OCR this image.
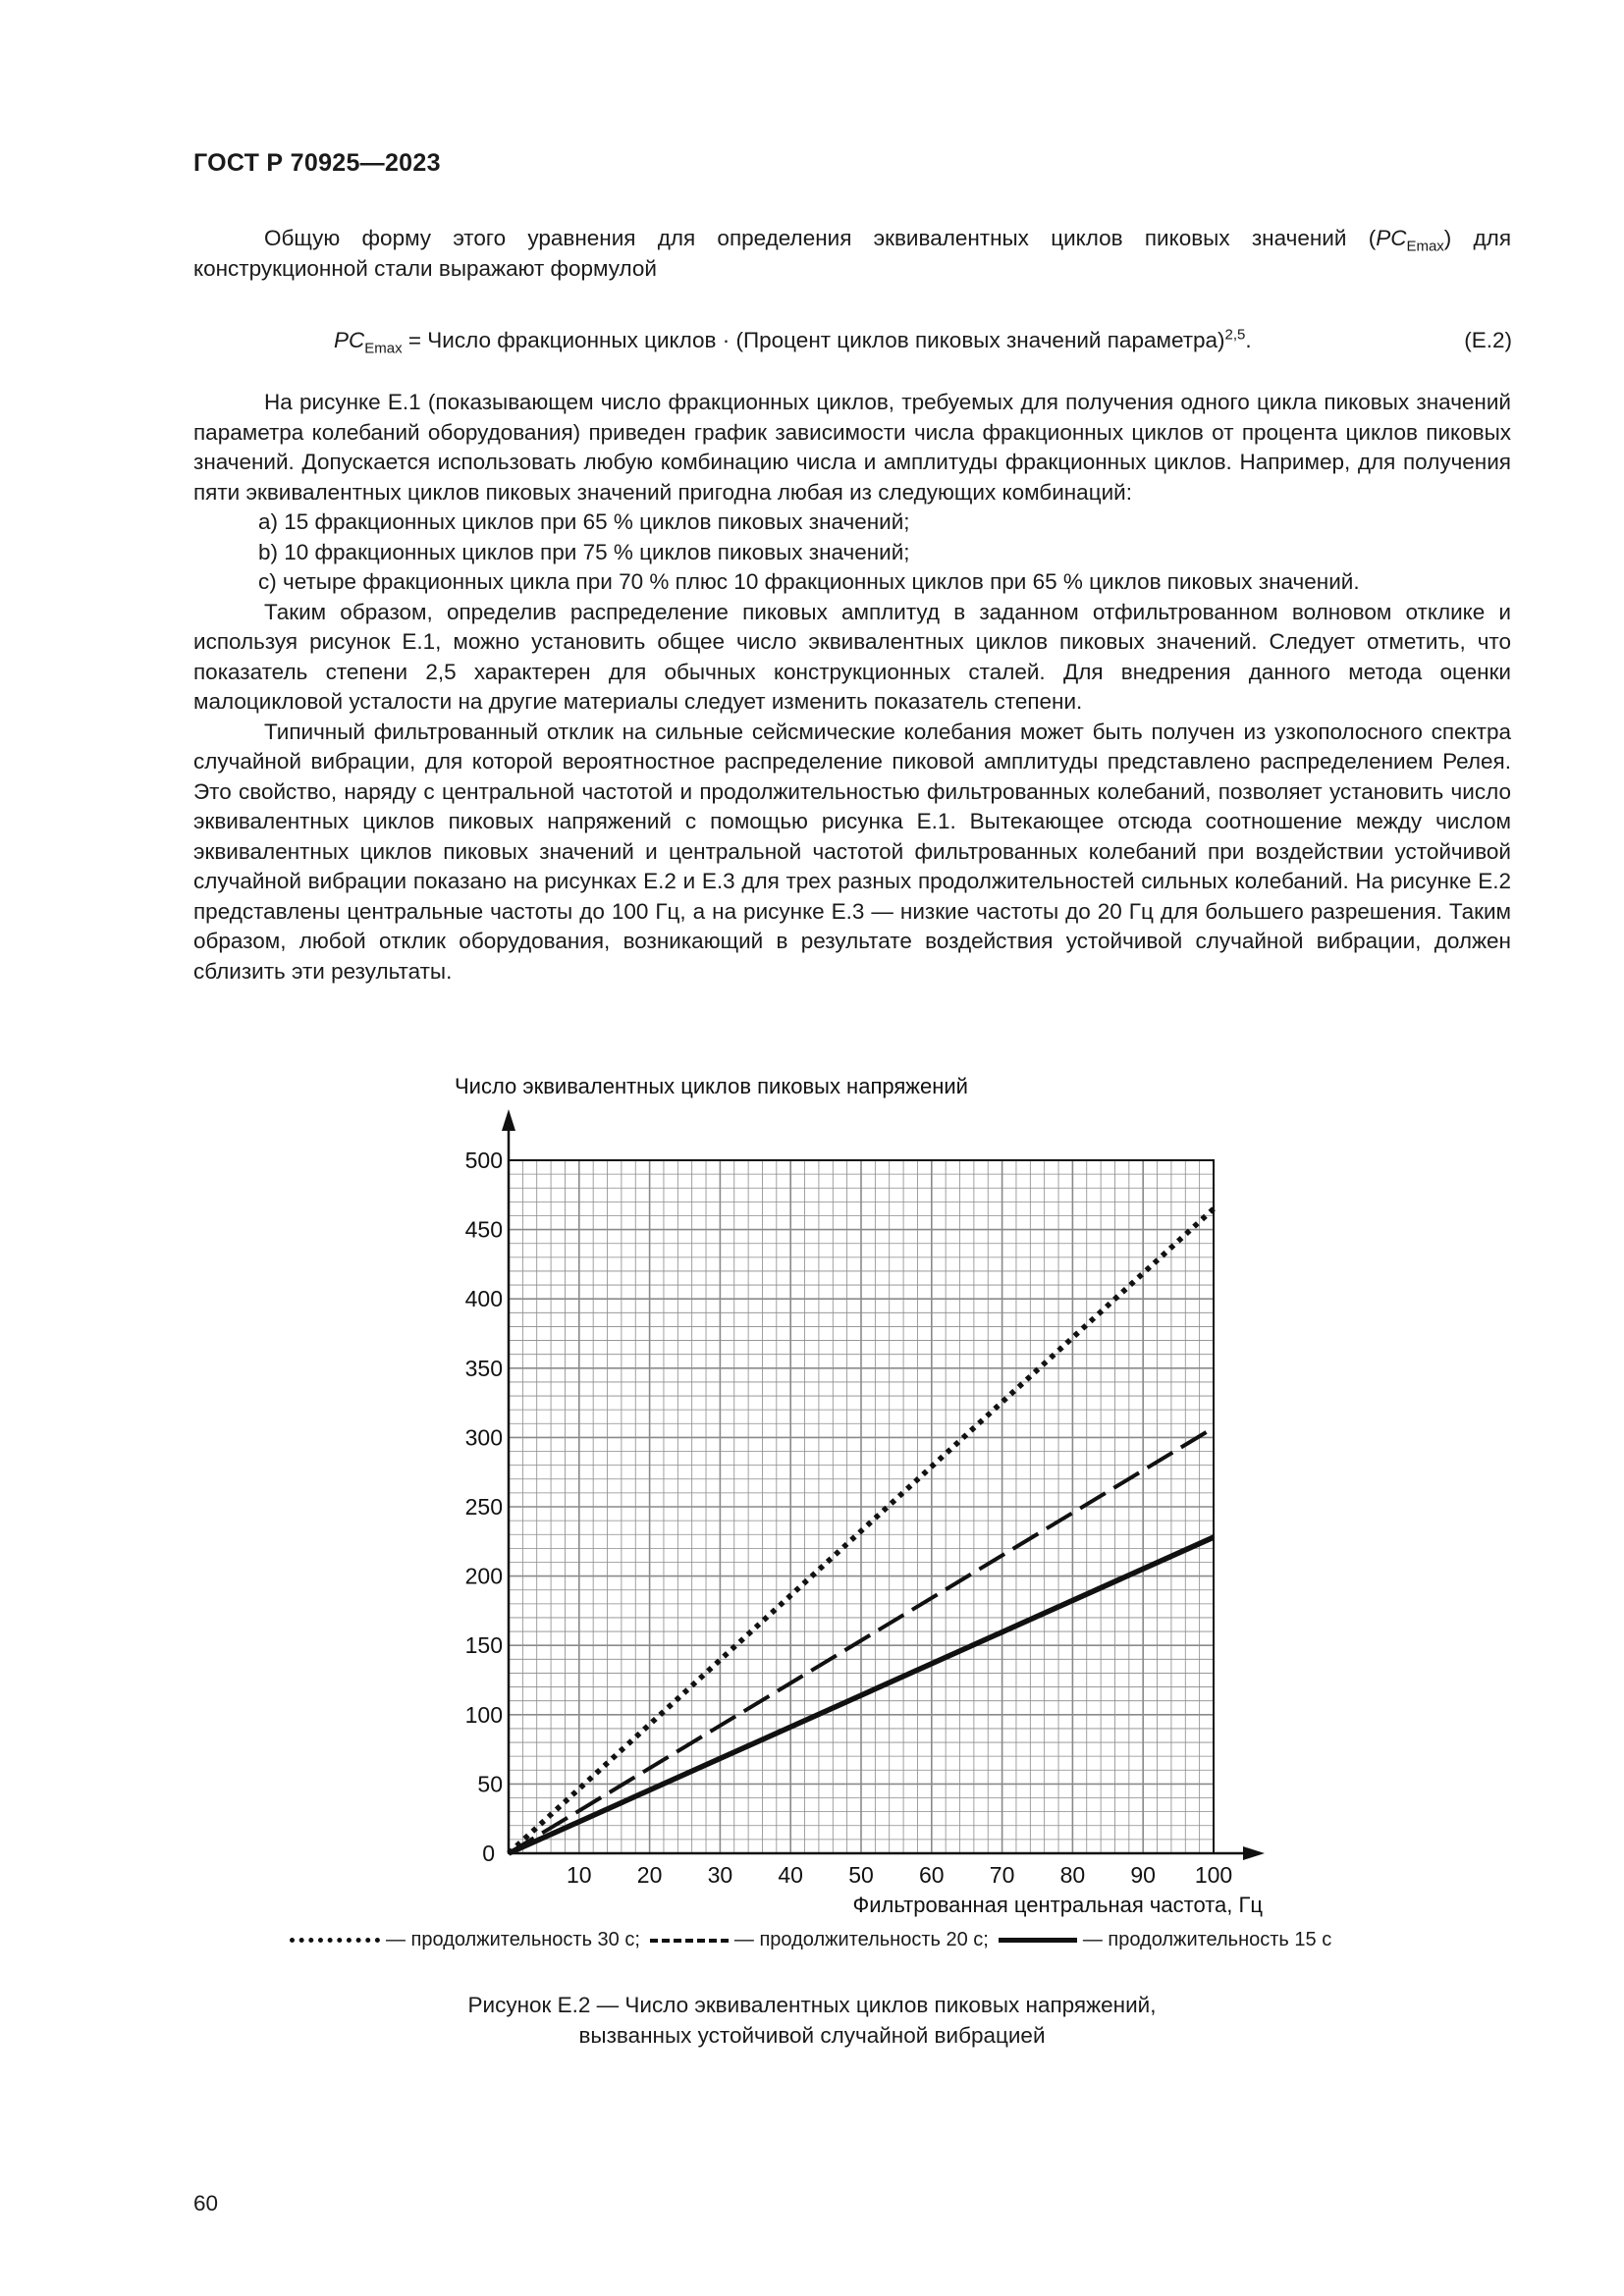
ГОСТ Р 70925—2023

Общую форму этого уравнения для определения эквивалентных циклов пиковых значений $(PC_{Emax})$ для конструкционной стали выражают формулой

$PC_{Emax}$ = Число фракционных циклов · (Процент циклов пиковых значений параметра)$^{2,5}$.	(Е.2)

На рисунке Е.1 (показывающем число фракционных циклов, требуемых для получения одного цикла пиковых значений параметра колебаний оборудования) приведен график зависимости числа фракционных циклов от процента циклов пиковых значений. Допускается использовать любую комбинацию числа и амплитуды фракционных циклов. Например, для получения пяти эквивалентных циклов пиковых значений пригодна любая из следующих комбинаций:

а) 15 фракционных циклов при 65 % циклов пиковых значений;

b) 10 фракционных циклов при 75 % циклов пиковых значений;

с) четыре фракционных цикла при 70 % плюс 10 фракционных циклов при 65 % циклов пиковых значений.

Таким образом, определив распределение пиковых амплитуд в заданном отфильтрованном волновом отклике и используя рисунок Е.1, можно установить общее число эквивалентных циклов пиковых значений. Следует отметить, что показатель степени 2,5 характерен для обычных конструкционных сталей. Для внедрения данного метода оценки малоцикловой усталости на другие материалы следует изменить показатель степени.

Типичный фильтрованный отклик на сильные сейсмические колебания может быть получен из узкополосного спектра случайной вибрации, для которой вероятностное распределение пиковой амплитуды представлено распределением Релея. Это свойство, наряду с центральной частотой и продолжительностью фильтрованных колебаний, позволяет установить число эквивалентных циклов пиковых напряжений с помощью рисунка Е.1. Вытекающее отсюда соотношение между числом эквивалентных циклов пиковых значений и центральной частотой фильтрованных колебаний при воздействии устойчивой случайной вибрации показано на рисунках Е.2 и Е.3 для трех разных продолжительностей сильных колебаний. На рисунке Е.2 представлены центральные частоты до 100 Гц, а на рисунке Е.3 — низкие частоты до 20 Гц для большего разрешения. Таким образом, любой отклик оборудования, возникающий в результате воздействия устойчивой случайной вибрации, должен сблизить эти результаты.

50
100
150
200
250
300
350
400
450
500
0
10 20 30 40 50 60 70 80 90 100
Число эквивалентных циклов пиковых напряжений
Фильтрованная центральная частота, Гц
— продолжительность 30 с;	— продолжительность 20 с;	— продолжительность 15 с
Рисунок Е.2 — Число эквивалентных циклов пиковых напряжений,
вызванных устойчивой случайной вибрацией
60
